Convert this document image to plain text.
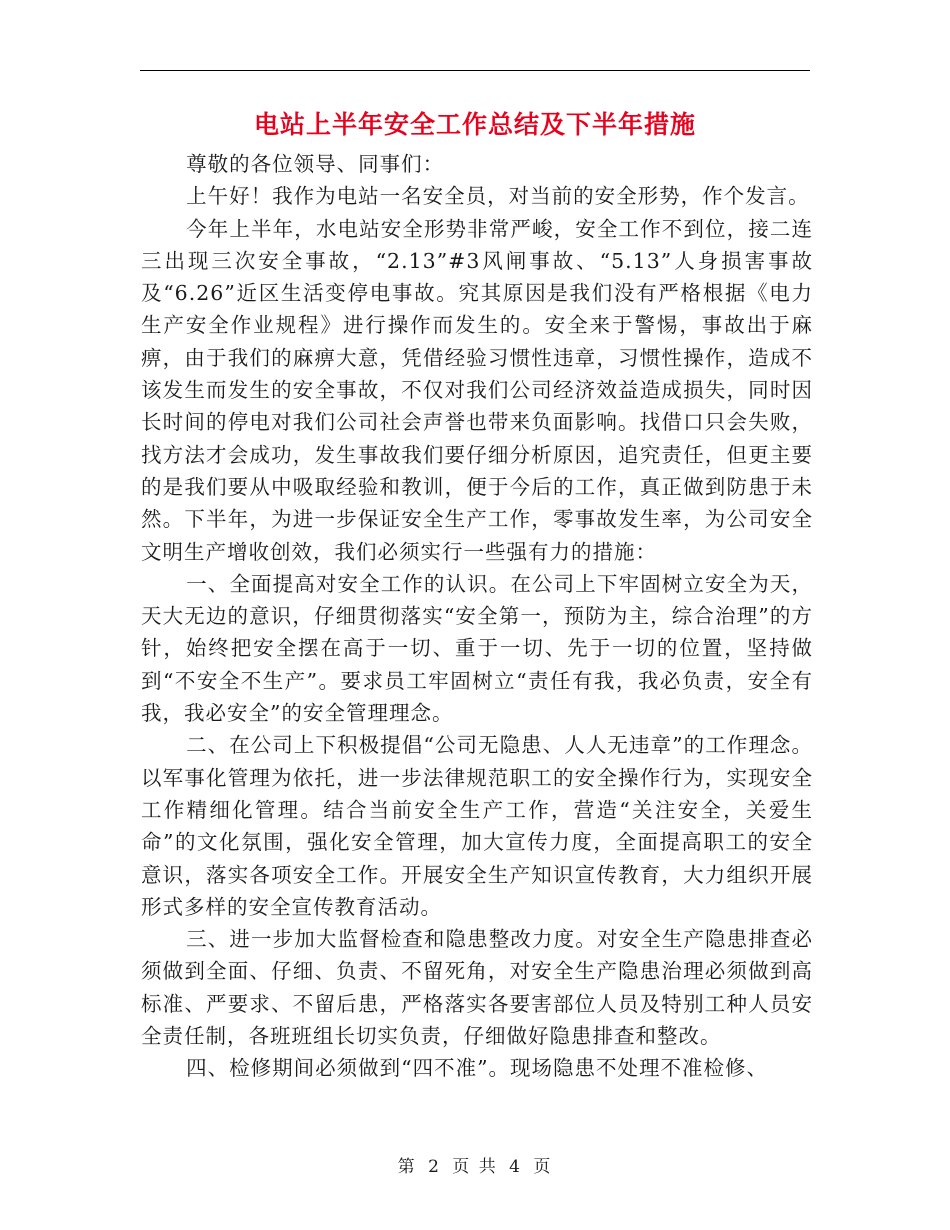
电站上半年安全工作总结及下半年措施

尊敬的各位领导、同事们：

上午好！我作为电站一名安全员，对当前的安全形势，作个发言。

今年上半年，水电站安全形势非常严峻，安全工作不到位，接二连三出现三次安全事故，“2.13”#3风闸事故、“5.13”人身损害事故及“6.26”近区生活变停电事故。究其原因是我们没有严格根据《电力生产安全作业规程》进行操作而发生的。安全来于警惕，事故出于麻痹，由于我们的麻痹大意，凭借经验习惯性违章，习惯性操作，造成不该发生而发生的安全事故，不仅对我们公司经济效益造成损失，同时因长时间的停电对我们公司社会声誉也带来负面影响。找借口只会失败，找方法才会成功，发生事故我们要仔细分析原因，追究责任，但更主要的是我们要从中吸取经验和教训，便于今后的工作，真正做到防患于未然。下半年，为进一步保证安全生产工作，零事故发生率，为公司安全文明生产增收创效，我们必须实行一些强有力的措施：

一、全面提高对安全工作的认识。在公司上下牢固树立安全为天，天大无边的意识，仔细贯彻落实“安全第一，预防为主，综合治理”的方针，始终把安全摆在高于一切、重于一切、先于一切的位置，坚持做到“不安全不生产”。要求员工牢固树立“责任有我，我必负责，安全有我，我必安全”的安全管理理念。

二、在公司上下积极提倡“公司无隐患、人人无违章”的工作理念。以军事化管理为依托，进一步法律规范职工的安全操作行为，实现安全工作精细化管理。结合当前安全生产工作，营造“关注安全，关爱生命”的文化氛围，强化安全管理，加大宣传力度，全面提高职工的安全意识，落实各项安全工作。开展安全生产知识宣传教育，大力组织开展形式多样的安全宣传教育活动。

三、进一步加大监督检查和隐患整改力度。对安全生产隐患排查必须做到全面、仔细、负责、不留死角，对安全生产隐患治理必须做到高标准、严要求、不留后患，严格落实各要害部位人员及特别工种人员安全责任制，各班班组长切实负责，仔细做好隐患排查和整改。

四、检修期间必须做到“四不准”。现场隐患不处理不准检修、

第 2 页 共 4 页
